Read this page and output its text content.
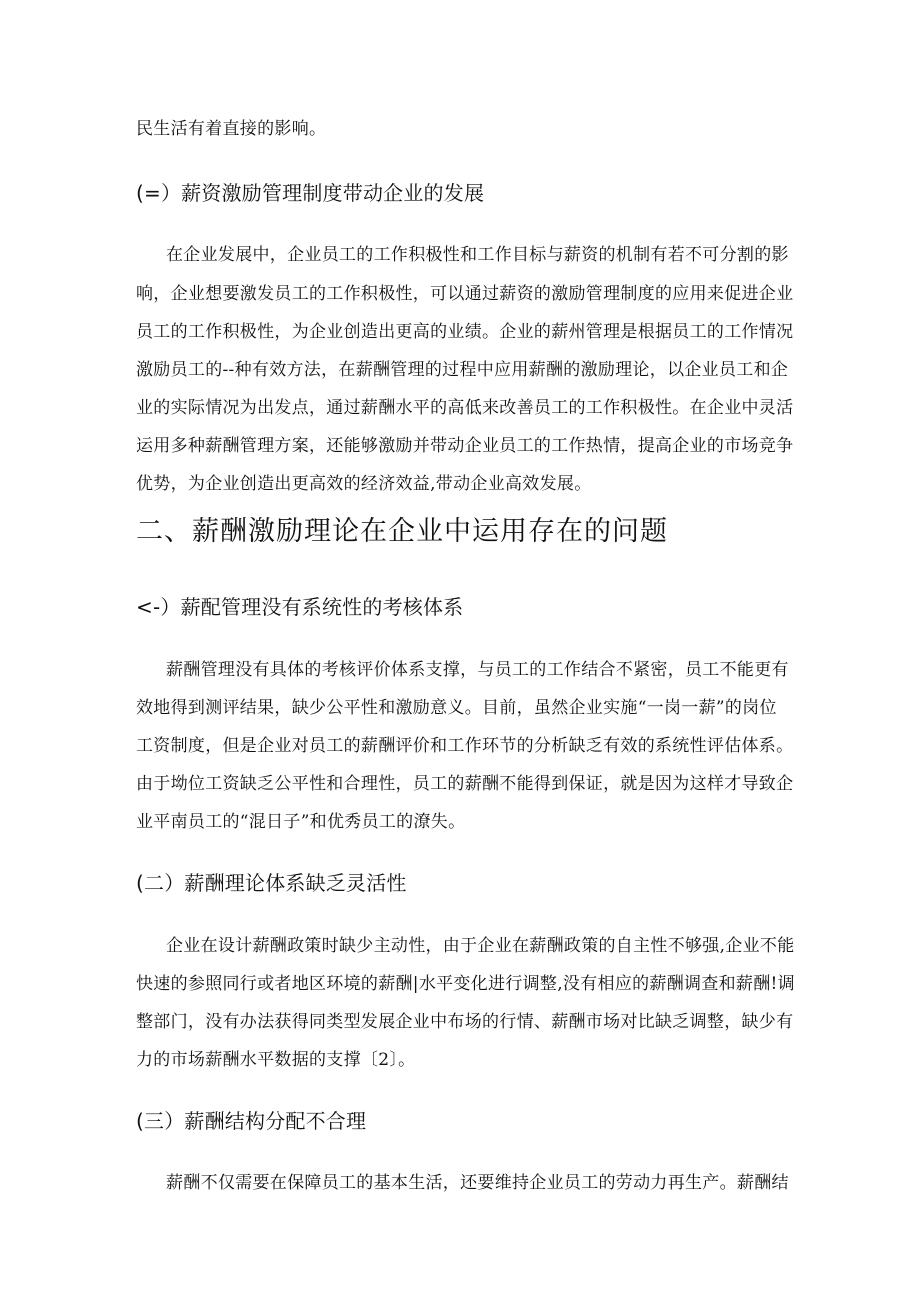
民生活有着直接的影响。
(=）薪资激励管理制度带动企业的发展
在企业发展中，企业员工的工作积极性和工作目标与薪资的机制有若不可分割的影
响，企业想要激发员工的工作积极性，可以通过薪资的激励管理制度的应用来促进企业
员工的工作积极性，为企业创造出更高的业绩。企业的薪州管理是根据员工的工作情况
激励员工的--种有效方法，在薪酬管理的过程中应用薪酬的激励理论，以企业员工和企
业的实际情况为出发点，通过薪酬水平的高低来改善员工的工作积极性。在企业中灵活
运用多种薪酬管理方案，还能够激励并带动企业员工的工作热情，提高企业的市场竞争
优势，为企业创造出更高效的经济效益,带动企业高效发展。
二、薪酬激励理论在企业中运用存在的问题
<-）薪配管理没有系统性的考核体系
薪酬管理没有具体的考核评价体系支撑，与员工的工作结合不紧密，员工不能更有
效地得到测评结果，缺少公平性和激励意义。目前，虽然企业实施“一岗一薪”的岗位
工资制度，但是企业对员工的薪酬评价和工作环节的分析缺乏有效的系统性评估体系。
由于坳位工资缺乏公平性和合理性，员工的薪酬不能得到保证，就是因为这样才导致企
业平南员工的“混日子”和优秀员工的潦失。
(二）薪酬理论体系缺乏灵活性
企业在设计薪酬政策时缺少主动性，由于企业在薪酬政策的自主性不够强,企业不能
快速的参照同行或者地区环境的薪酬|水平变化进行调整,没有相应的薪酬调查和薪酬!调
整部门，没有办法获得同类型发展企业中布场的行情、薪酬市场对比缺乏调整，缺少有
力的市场薪酬水平数据的支撑〔2〕。
(三）薪酬结构分配不合理
薪酬不仅需要在保障员工的基本生活，还要维持企业员工的劳动力再生产。薪酬结
